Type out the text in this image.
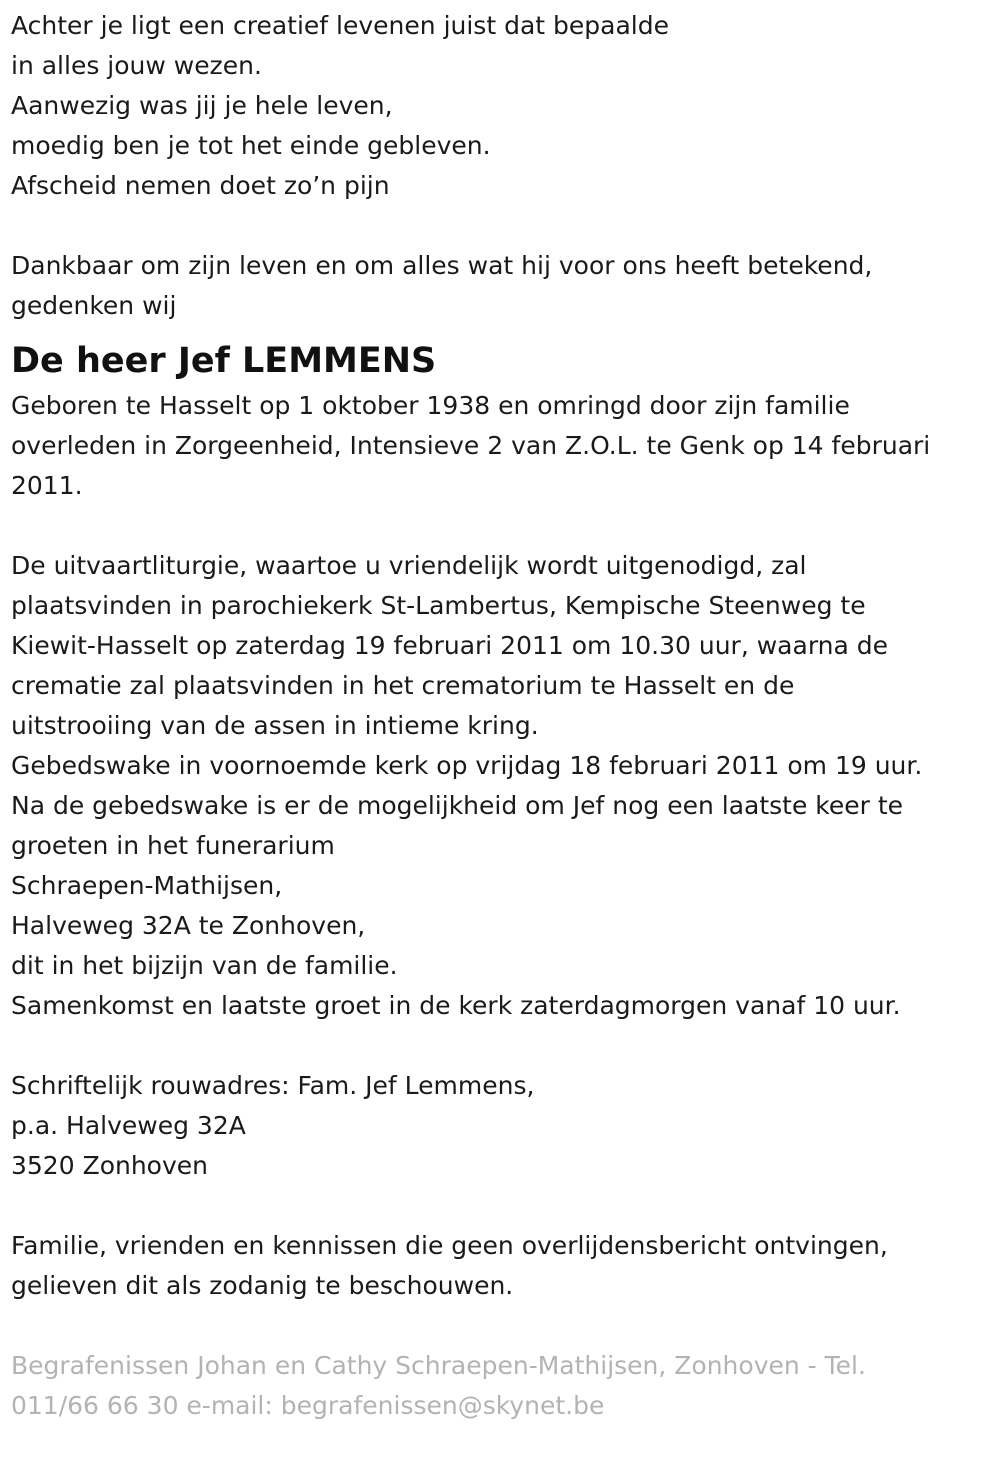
Achter je ligt een creatief levenen juist dat bepaalde

in alles jouw wezen.

Aanwezig was jij je hele leven,

moedig ben je tot het einde gebleven.

Afscheid nemen doet zo’n pijn

Dankbaar om zijn leven en om alles wat hij voor ons heeft betekend,

gedenken wij

De heer Jef LEMMENS

Geboren te Hasselt op 1 oktober 1938 en omringd door zijn familie

overleden in Zorgeenheid, Intensieve 2 van Z.O.L. te Genk op 14 februari

2011.

De uitvaartliturgie, waartoe u vriendelijk wordt uitgenodigd, zal

plaatsvinden in parochiekerk St-Lambertus, Kempische Steenweg te

Kiewit-Hasselt op zaterdag 19 februari 2011 om 10.30 uur, waarna de

crematie zal plaatsvinden in het crematorium te Hasselt en de

uitstrooiing van de assen in intieme kring.

Gebedswake in voornoemde kerk op vrijdag 18 februari 2011 om 19 uur.

Na de gebedswake is er de mogelijkheid om Jef nog een laatste keer te

groeten in het funerarium

Schraepen-Mathijsen,

Halveweg 32A te Zonhoven,

dit in het bijzijn van de familie.

Samenkomst en laatste groet in de kerk zaterdagmorgen vanaf 10 uur.

Schriftelijk rouwadres: Fam. Jef Lemmens,

p.a. Halveweg 32A

3520 Zonhoven

Familie, vrienden en kennissen die geen overlijdensbericht ontvingen,

gelieven dit als zodanig te beschouwen.

Begrafenissen Johan en Cathy Schraepen-Mathijsen, Zonhoven - Tel.

011/66 66 30 e-mail: begrafenissen@skynet.be
